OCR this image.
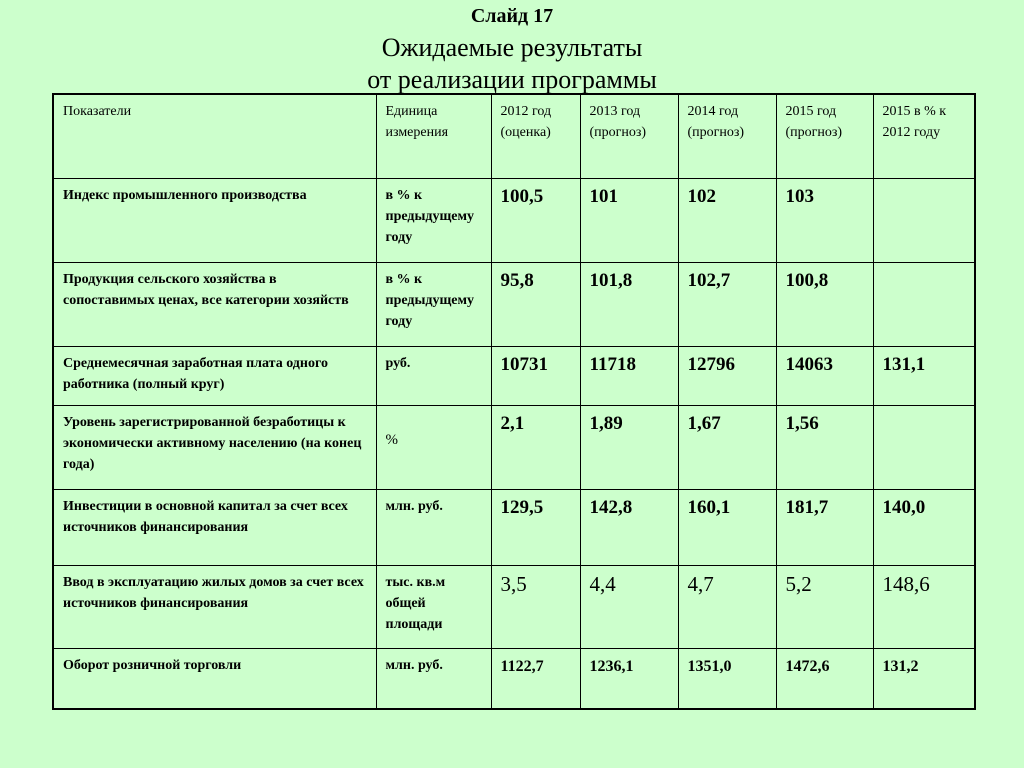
Слайд 17
Ожидаемые результаты
от реализации программы
Показатели	Единица измерения	2012 год (оценка)	2013 год (прогноз)	2014 год (прогноз)	2015 год (прогноз)	2015 в % к 2012 году
Индекс промышленного производства	в % к предыдущему году	100,5	101	102	103	
Продукция сельского хозяйства в сопоставимых ценах, все категории хозяйств	в % к предыдущему году	95,8	101,8	102,7	100,8	
Среднемесячная заработная плата одного работника (полный круг)	руб.	10731	11718	12796	14063	131,1
Уровень зарегистрированной безработицы к экономически активному населению (на конец года)	%	2,1	1,89	1,67	1,56	
Инвестиции в основной капитал за счет всех источников финансирования	млн. руб.	129,5	142,8	160,1	181,7	140,0
Ввод в эксплуатацию жилых домов за счет всех источников финансирования	тыс. кв.м общей площади	3,5	4,4	4,7	5,2	148,6
Оборот розничной торговли	млн. руб.	1122,7	1236,1	1351,0	1472,6	131,2
